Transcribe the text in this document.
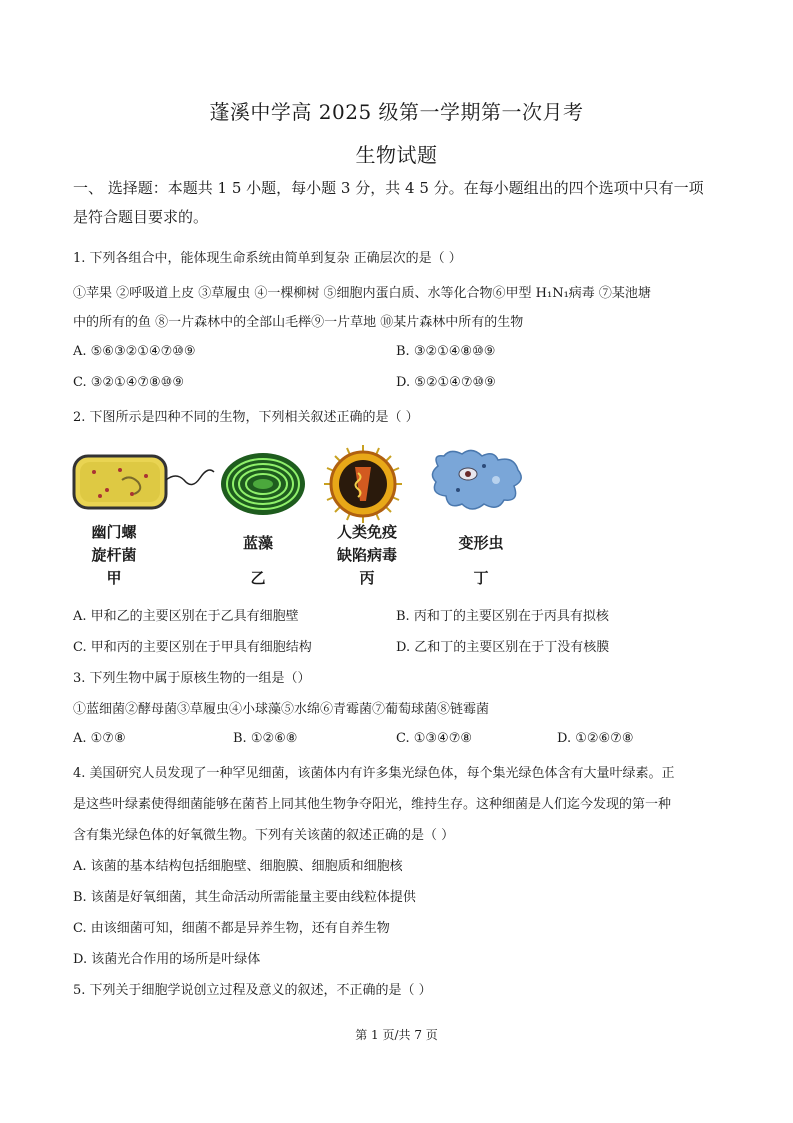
蓬溪中学高 2025 级第一学期第一次月考
生物试题
一、 选择题：本题共 1 5 小题，每小题 3 分，共 4 5 分。在每小题组出的四个选项中只有一项
是符合题目要求的。
1. 下列各组合中，能体现生命系统由简单到复杂 正确层次的是（ ）
①苹果 ②呼吸道上皮 ③草履虫 ④一棵柳树 ⑤细胞内蛋白质、水等化合物⑥甲型 H₁N₁病毒 ⑦某池塘
中的所有的鱼 ⑧一片森林中的全部山毛榉⑨一片草地 ⑩某片森林中所有的生物
A. ⑤⑥③②①④⑦⑩⑨	B. ③②①④⑧⑩⑨
C. ③②①④⑦⑧⑩⑨	D. ⑤②①④⑦⑩⑨
2. 下图所示是四种不同的生物，下列相关叙述正确的是（ ）
幽门螺
旋杆菌
甲
蓝藻
乙
人类免疫
缺陷病毒
丙
变形虫
丁
A. 甲和乙的主要区别在于乙具有细胞壁	B. 丙和丁的主要区别在于丙具有拟核
C. 甲和丙的主要区别在于甲具有细胞结构	D. 乙和丁的主要区别在于丁没有核膜
3. 下列生物中属于原核生物的一组是（）
①蓝细菌②酵母菌③草履虫④小球藻⑤水绵⑥青霉菌⑦葡萄球菌⑧链霉菌
A. ①⑦⑧	B. ①②⑥⑧	C. ①③④⑦⑧	D. ①②⑥⑦⑧
4. 美国研究人员发现了一种罕见细菌，该菌体内有许多集光绿色体，每个集光绿色体含有大量叶绿素。正
是这些叶绿素使得细菌能够在菌苔上同其他生物争夺阳光，维持生存。这种细菌是人们迄今发现的第一种
含有集光绿色体的好氧微生物。下列有关该菌的叙述正确的是（ ）
A. 该菌的基本结构包括细胞壁、细胞膜、细胞质和细胞核
B. 该菌是好氧细菌，其生命活动所需能量主要由线粒体提供
C. 由该细菌可知，细菌不都是异养生物，还有自养生物
D. 该菌光合作用的场所是叶绿体
5. 下列关于细胞学说创立过程及意义的叙述，不正确的是（ ）
第 1 页/共 7 页
